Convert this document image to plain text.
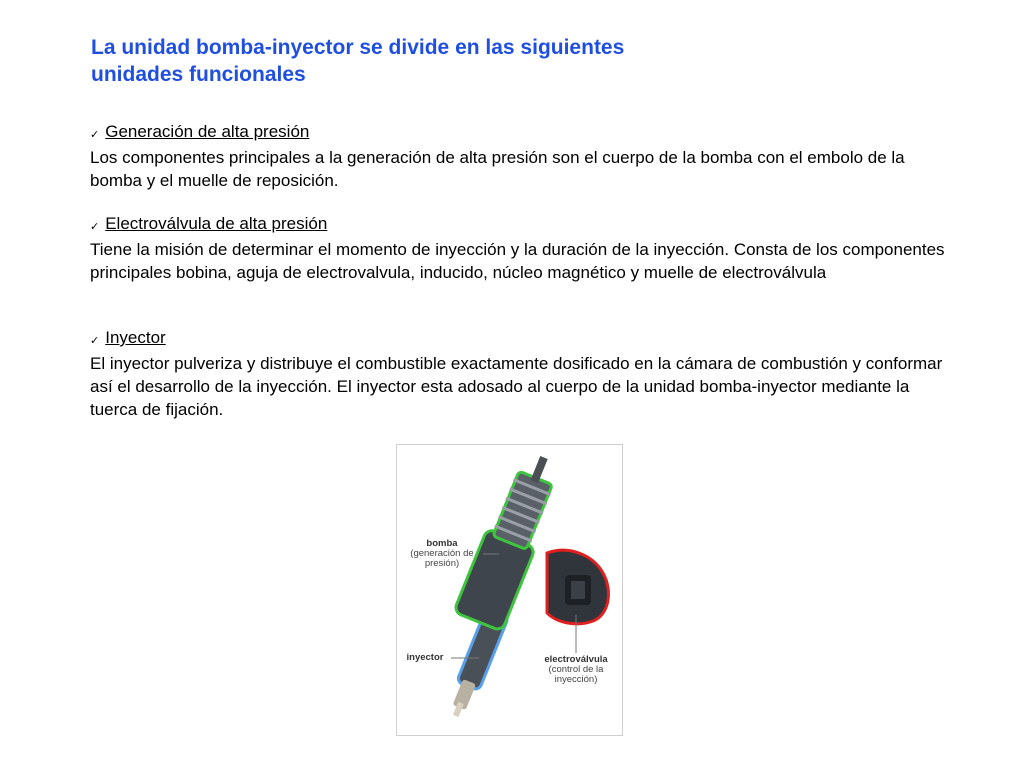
La unidad bomba-inyector se divide en las siguientes
unidades funcionales
✓ Generación de alta presión

Los componentes principales a la generación de alta presión son el cuerpo de la bomba con el embolo de la bomba y el muelle de reposición.

✓ Electroválvula de alta presión

Tiene la misión de determinar el momento de inyección y la duración de la inyección. Consta de los componentes principales bobina, aguja de electrovalvula, inducido, núcleo magnético y muelle de electroválvula

✓ Inyector

El inyector pulveriza y distribuye el combustible exactamente dosificado en la cámara de combustión y conformar así el desarrollo de la inyección. El inyector esta adosado al cuerpo de la unidad bomba-inyector mediante la tuerca de fijación.

bomba
(generación de
presión)
inyector	electroválvula
(control de la
inyección)
